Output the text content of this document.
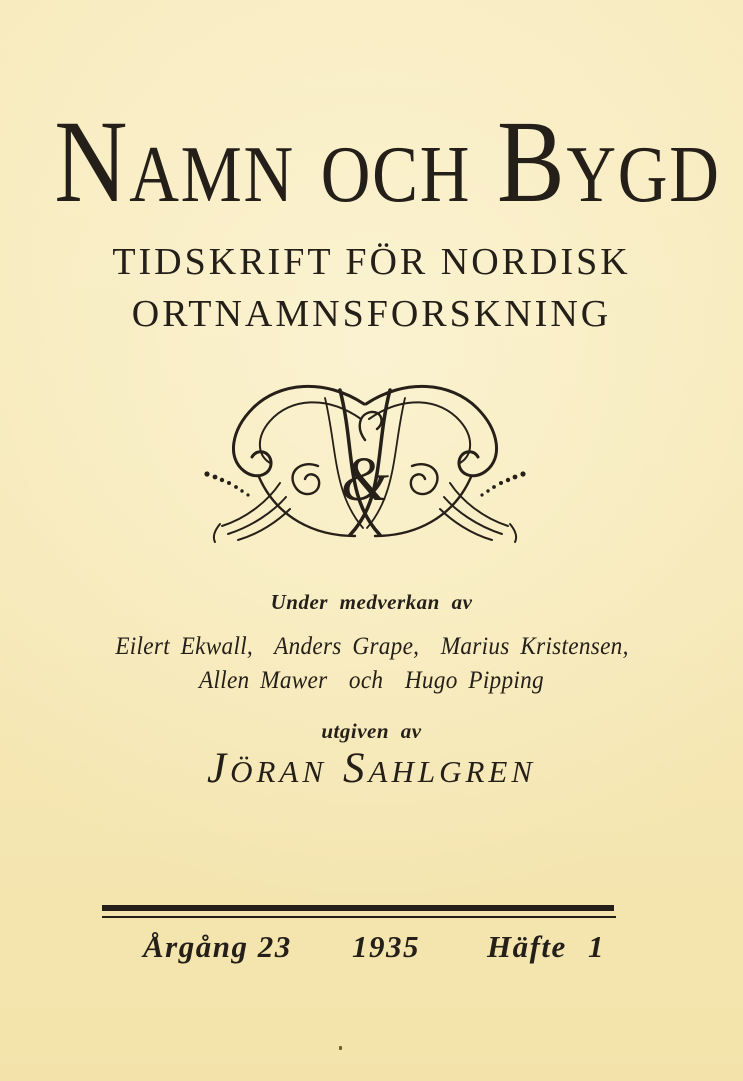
NAMN OCH BYGD
TIDSKRIFT FÖR NORDISK
ORTNAMNSFORSKNING
&
Under medverkan av
Eilert Ekwall,  Anders Grape,  Marius Kristensen,
Allen Mawer  och  Hugo Pipping
utgiven av
JÖRAN SAHLGREN
Årgång 23 1935 Häfte 1
